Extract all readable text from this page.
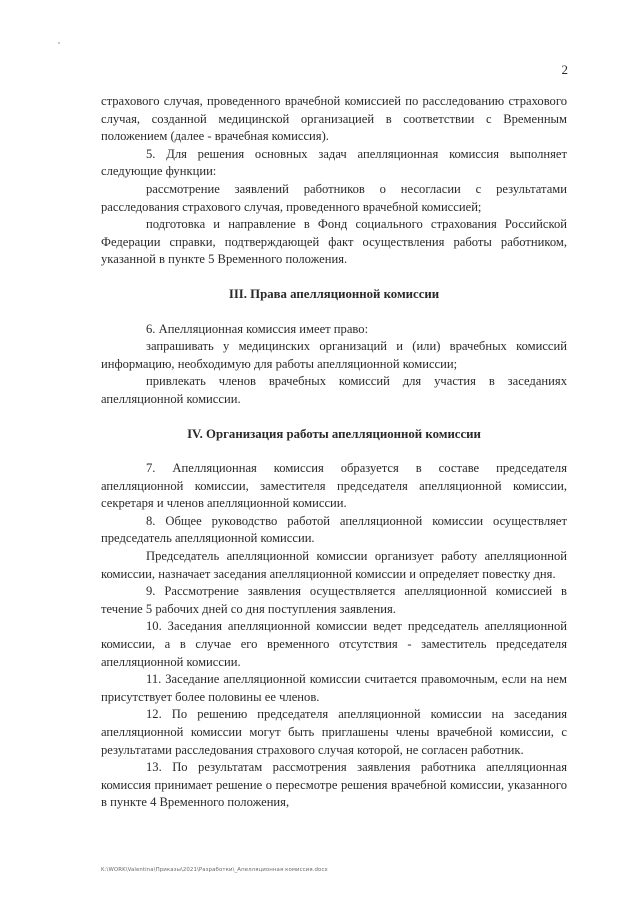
2

страхового случая, проведенного врачебной комиссией по расследованию страхового случая, созданной медицинской организацией в соответствии с Временным положением (далее - врачебная комиссия).

5. Для решения основных задач апелляционная комиссия выполняет следующие функции:

рассмотрение заявлений работников о несогласии с результатами расследования страхового случая, проведенного врачебной комиссией;

подготовка и направление в Фонд социального страхования Российской Федерации справки, подтверждающей факт осуществления работы работником, указанной в пункте 5 Временного положения.

III. Права апелляционной комиссии

6. Апелляционная комиссия имеет право:

запрашивать у медицинских организаций и (или) врачебных комиссий информацию, необходимую для работы апелляционной комиссии;

привлекать членов врачебных комиссий для участия в заседаниях апелляционной комиссии.

IV. Организация работы апелляционной комиссии

7. Апелляционная комиссия образуется в составе председателя апелляционной комиссии, заместителя председателя апелляционной комиссии, секретаря и членов апелляционной комиссии.

8. Общее руководство работой апелляционной комиссии осуществляет председатель апелляционной комиссии.

Председатель апелляционной комиссии организует работу апелляционной комиссии, назначает заседания апелляционной комиссии и определяет повестку дня.

9. Рассмотрение заявления осуществляется апелляционной комиссией в течение 5 рабочих дней со дня поступления заявления.

10. Заседания апелляционной комиссии ведет председатель апелляционной комиссии, а в случае его временного отсутствия - заместитель председателя апелляционной комиссии.

11. Заседание апелляционной комиссии считается правомочным, если на нем присутствует более половины ее членов.

12. По решению председателя апелляционной комиссии на заседания апелляционной комиссии могут быть приглашены члены врачебной комиссии, с результатами расследования страхового случая которой, не согласен работник.

13. По результатам рассмотрения заявления работника апелляционная комиссия принимает решение о пересмотре решения врачебной комиссии, указанного в пункте 4 Временного положения,

K:\WORK\Valentina\Приказы\2021\Разработки\_Апелляционная комиссия.docx
